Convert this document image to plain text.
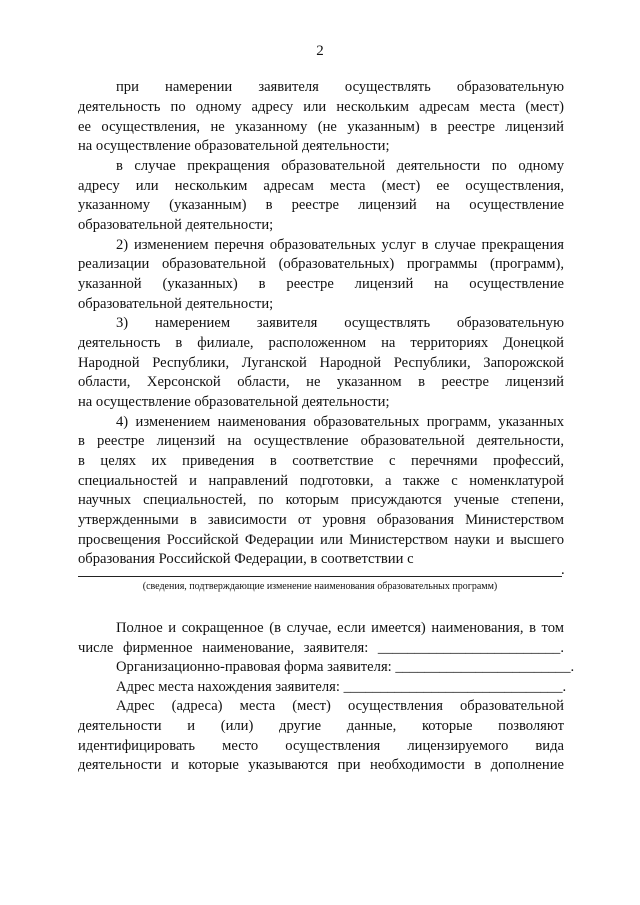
2
при намерении заявителя осуществлять образовательную
деятельность по одному адресу или нескольким адресам места (мест)
ее осуществления, не указанному (не указанным) в реестре лицензий
на осуществление образовательной деятельности;
в случае прекращения образовательной деятельности по одному
адресу или нескольким адресам места (мест) ее осуществления,
указанному (указанным) в реестре лицензий на осуществление
образовательной деятельности;
2) изменением перечня образовательных услуг в случае прекращения
реализации образовательной (образовательных) программы (программ),
указанной (указанных) в реестре лицензий на осуществление
образовательной деятельности;
3) намерением заявителя осуществлять образовательную
деятельность в филиале, расположенном на территориях Донецкой
Народной Республики, Луганской Народной Республики, Запорожской
области, Херсонской области, не указанном в реестре лицензий
на осуществление образовательной деятельности;
4) изменением наименования образовательных программ, указанных
в реестре лицензий на осуществление образовательной деятельности,
в целях их приведения в соответствие с перечнями профессий,
специальностей и направлений подготовки, а также с номенклатурой
научных специальностей, по которым присуждаются ученые степени,
утвержденными в зависимости от уровня образования Министерством
просвещения Российской Федерации или Министерством науки и высшего
образования Российской Федерации, в соответствии с
.
(сведения, подтверждающие изменение наименования образовательных программ)
Полное и сокращенное (в случае, если имеется) наименования, в том
числе фирменное наименование, заявителя: _________________________.
Организационно-правовая форма заявителя: ________________________.
Адрес места нахождения заявителя: ______________________________.
Адрес (адреса) места (мест) осуществления образовательной
деятельности и (или) другие данные, которые позволяют
идентифицировать место осуществления лицензируемого вида
деятельности и которые указываются при необходимости в дополнение
